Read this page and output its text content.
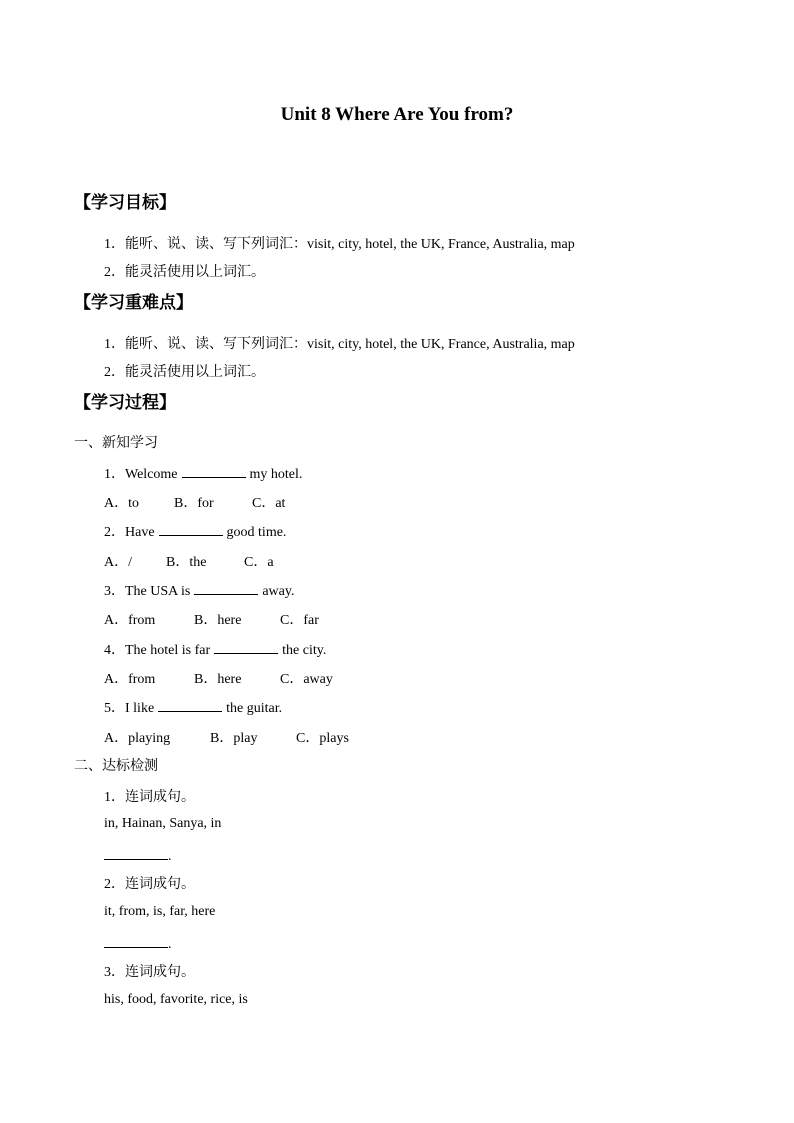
Unit 8 Where Are You from?
【学习目标】
1．能听、说、读、写下列词汇：visit, city, hotel, the UK, France, Australia, map
2．能灵活使用以上词汇。
【学习重难点】
1．能听、说、读、写下列词汇：visit, city, hotel, the UK, France, Australia, map
2．能灵活使用以上词汇。
【学习过程】
一、新知学习
1．Welcome	my hotel.
A．to	B．for	C．at
2．Have	good time.
A．/ B．the	C．a
3．The USA is	away.
A．from	B．here	C．far
4．The hotel is far	the city.
A．from	B．here	C．away
5．I like	the guitar.
A．playing	B．play	C．plays
二、达标检测
1．连词成句。
in, Hainan, Sanya, in
.
2．连词成句。
it, from, is, far, here
.
3．连词成句。
his, food, favorite, rice, is
